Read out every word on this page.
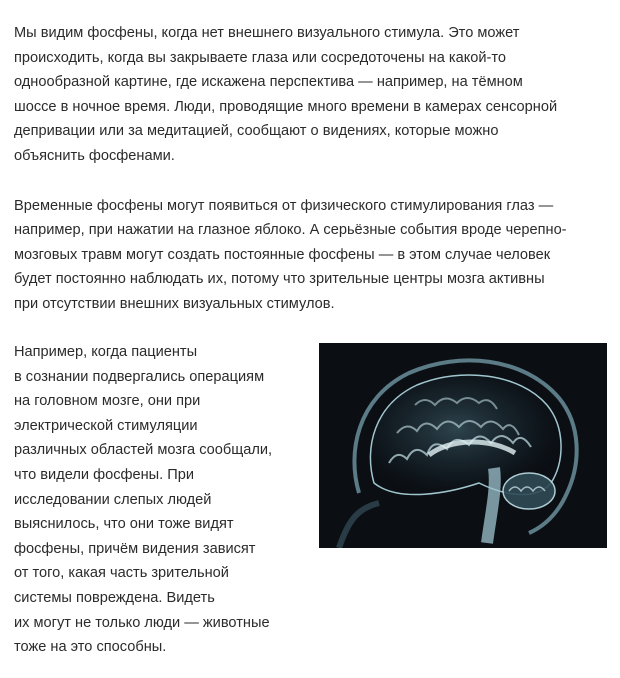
Мы видим фосфены, когда нет внешнего визуального стимула. Это может
происходить, когда вы закрываете глаза или сосредоточены на какой-то
однообразной картине, где искажена перспектива — например, на тёмном
шоссе в ночное время. Люди, проводящие много времени в камерах сенсорной
депривации или за медитацией, сообщают о видениях, которые можно
объяснить фосфенами.

Временные фосфены могут появиться от физического стимулирования глаз —
например, при нажатии на глазное яблоко. А серьёзные события вроде черепно-
мозговых травм могут создать постоянные фосфены — в этом случае человек
будет постоянно наблюдать их, потому что зрительные центры мозга активны
при отсутствии внешних визуальных стимулов.

Например, когда пациенты
в сознании подвергались операциям
на головном мозге, они при
электрической стимуляции
различных областей мозга сообщали,
что видели фосфены. При
исследовании слепых людей
выяснилось, что они тоже видят
фосфены, причём видения зависят
от того, какая часть зрительной
системы повреждена. Видеть
их могут не только люди — животные
тоже на это способны.
